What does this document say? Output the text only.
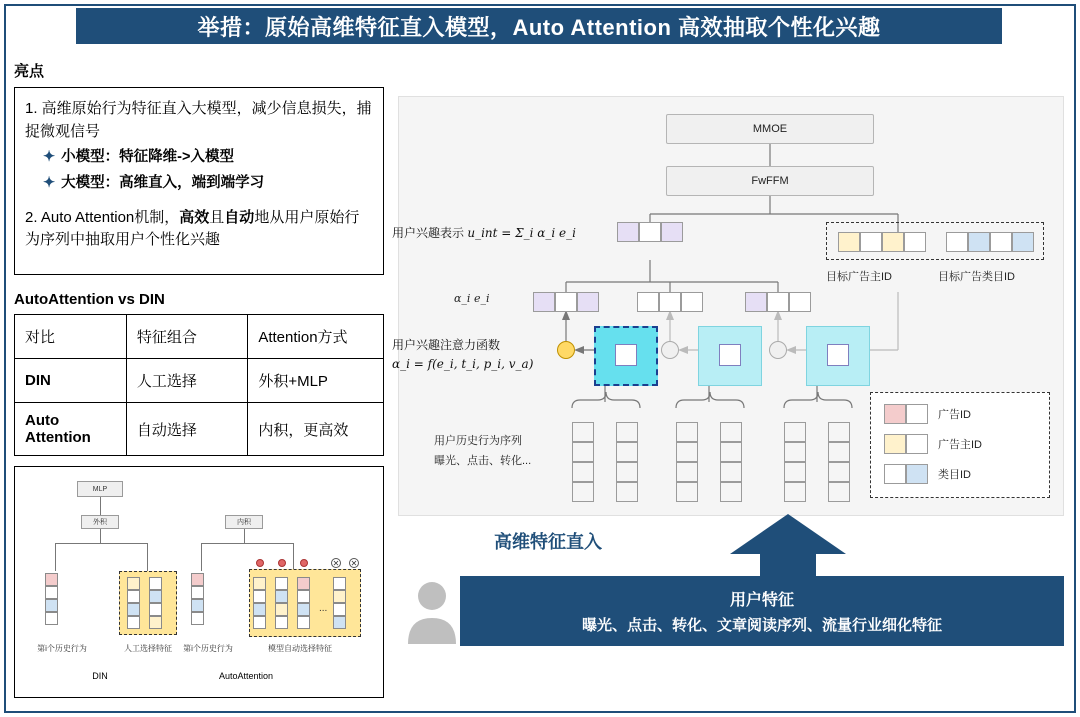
举措：原始高维特征直入模型，Auto Attention 高效抽取个性化兴趣
亮点

1. 高维原始行为特征直入大模型，减少信息损失，捕捉微观信号

✦ 小模型：特征降维->入模型
✦ 大模型：高维直入，端到端学习

2. Auto Attention机制，高效且自动地从用户原始行为序列中抽取用户个性化兴趣

AutoAttention vs DIN
对比	特征组合	Attention方式
DIN	人工选择	外积+MLP
Auto Attention	自动选择	内积，更高效
MLP
外积
第i个历史行为	人工选择特征
DIN
内积
✕ ✕
...
第i个历史行为	模型自动选择特征
AutoAttention
MMOE
FwFFM
用户兴趣表示 u_int = Σ_i α_i e_i
目标广告主ID	目标广告类目ID
α_i e_i
用户兴趣注意力函数
α_i = f(e_i, t_i, p_i, v_a)
用户历史行为序列
曝光、点击、转化...
广告ID
广告主ID
类目ID
高维特征直入
用户特征
曝光、点击、转化、文章阅读序列、流量行业细化特征
